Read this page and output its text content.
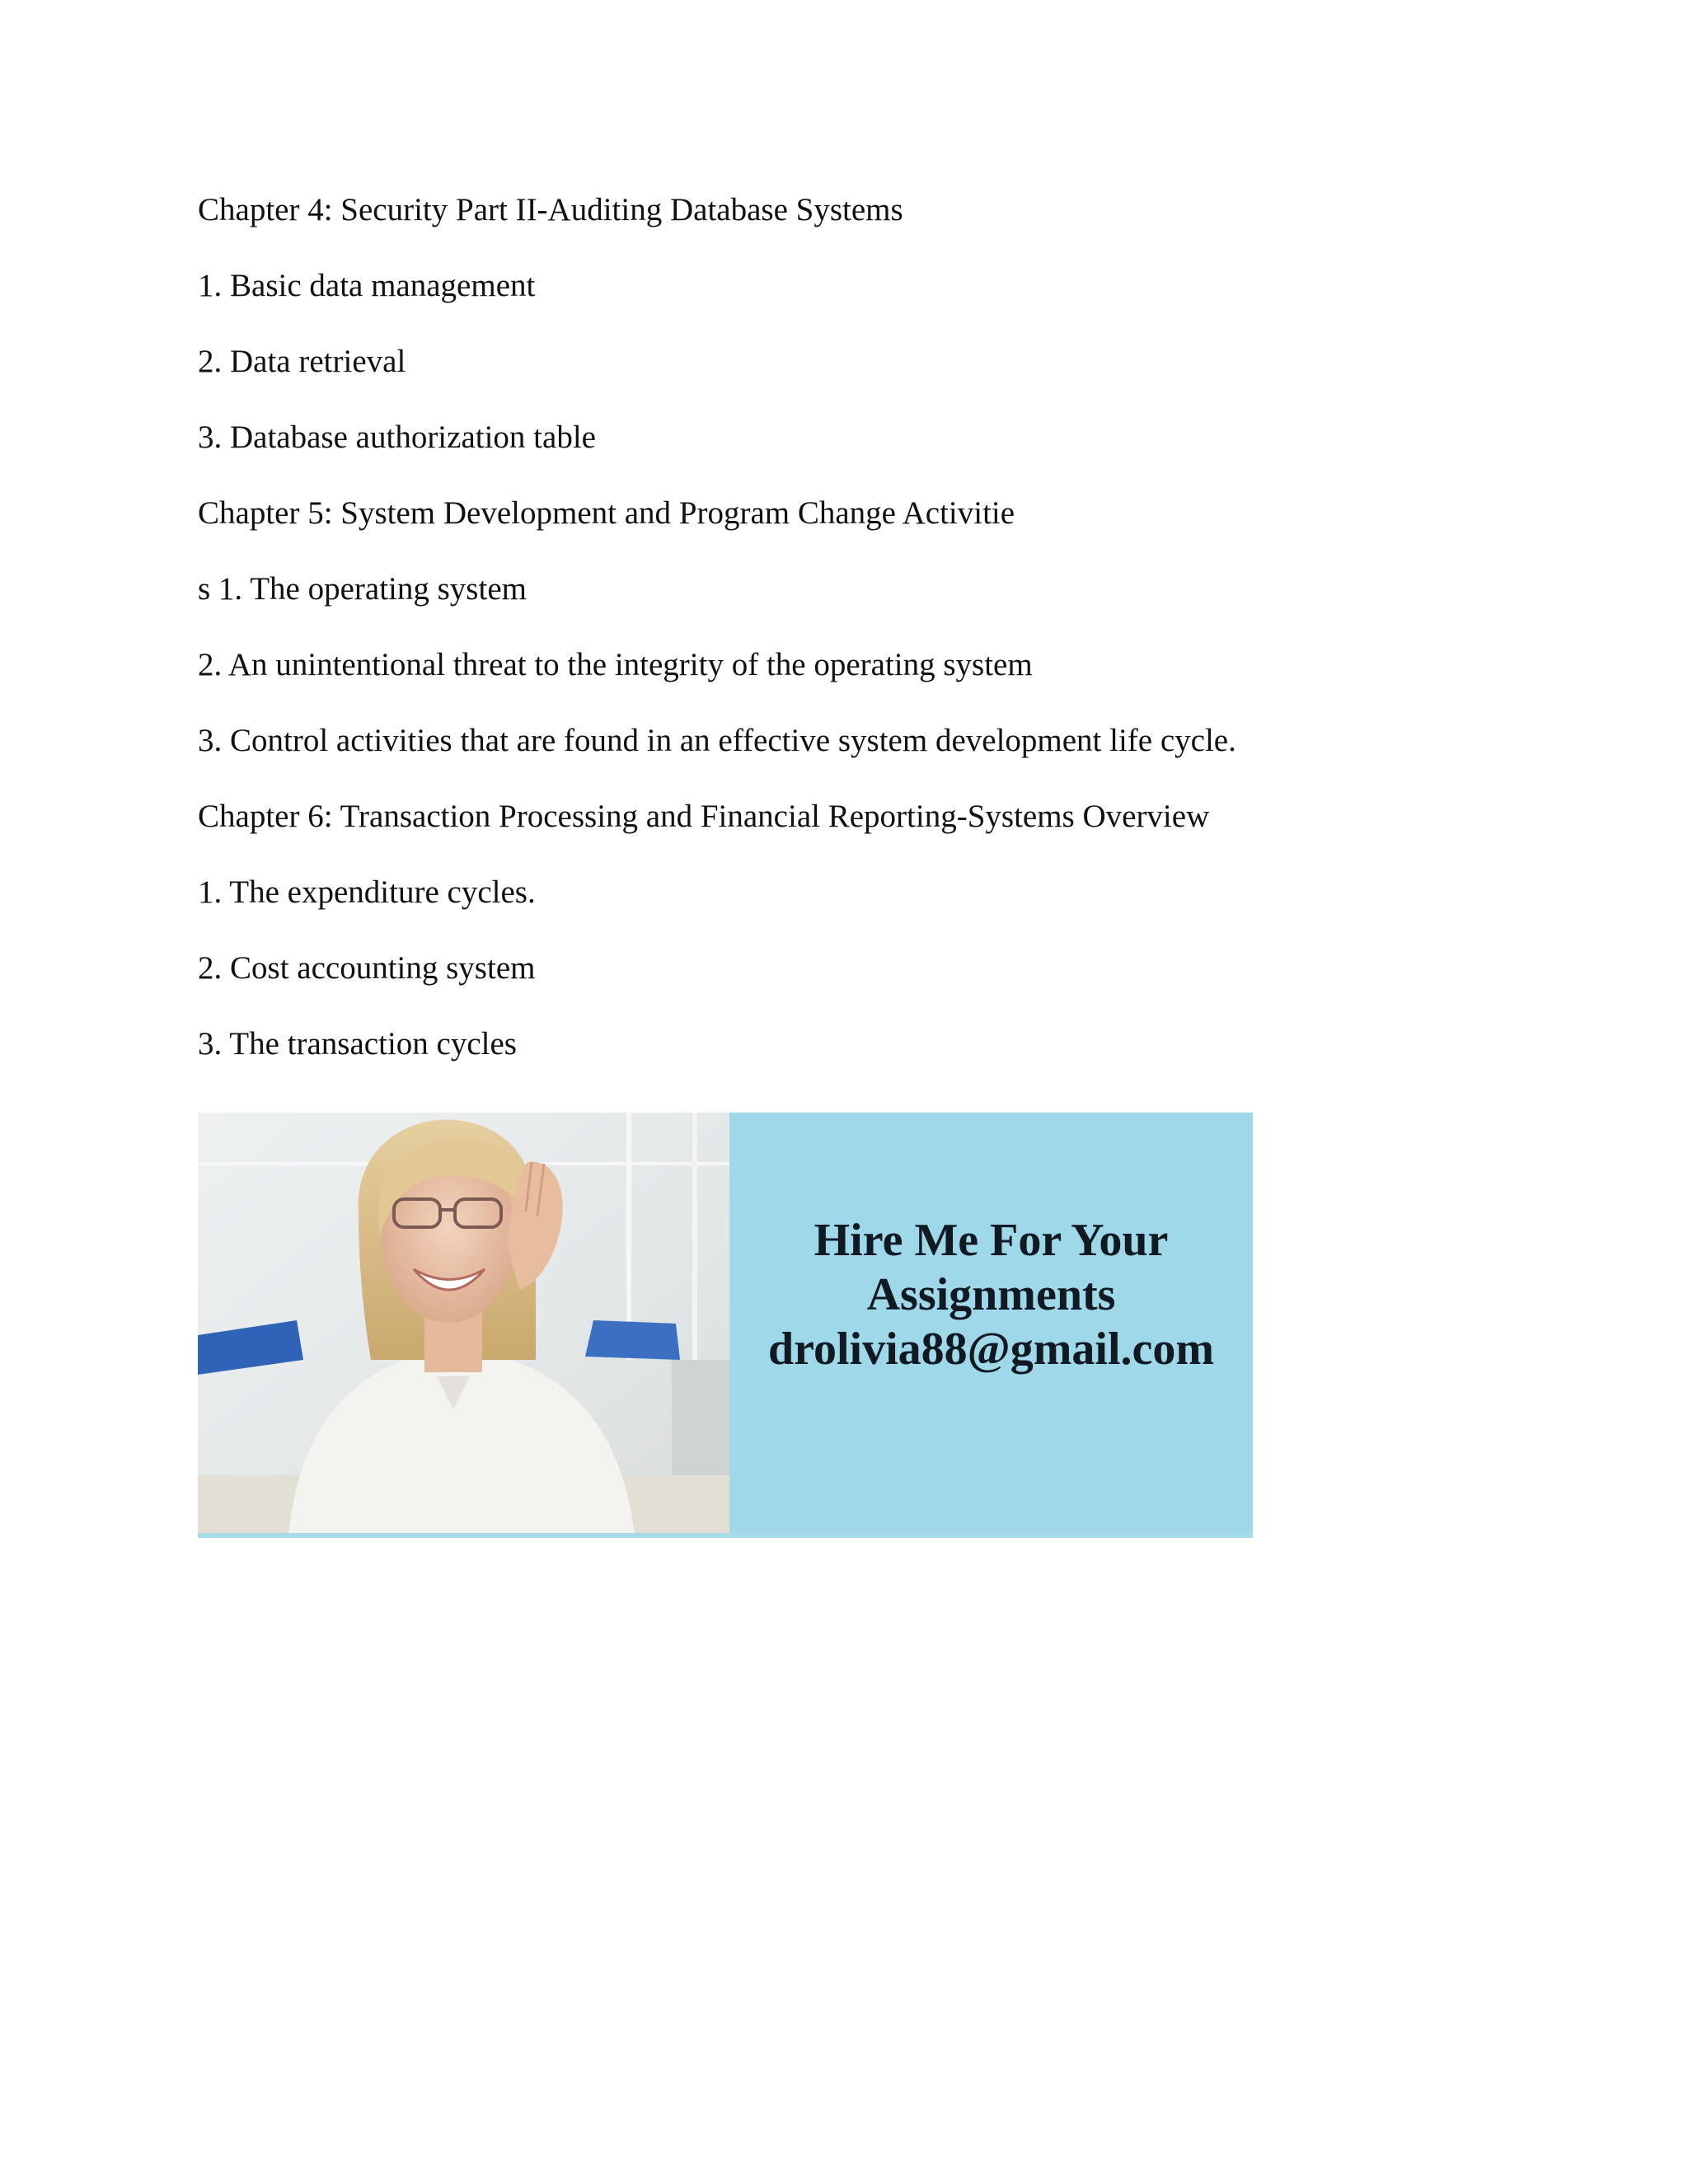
Chapter 4: Security Part II-Auditing Database Systems
1. Basic data management
2. Data retrieval
3. Database authorization table
Chapter 5: System Development and Program Change Activitie
s 1. The operating system
2. An unintentional threat to the integrity of the operating system
3. Control activities that are found in an effective system development life cycle.
Chapter 6: Transaction Processing and Financial Reporting-Systems Overview
1. The expenditure cycles.
2. Cost accounting system
3. The transaction cycles
Hire Me For Your
Assignments
drolivia88@gmail.com
